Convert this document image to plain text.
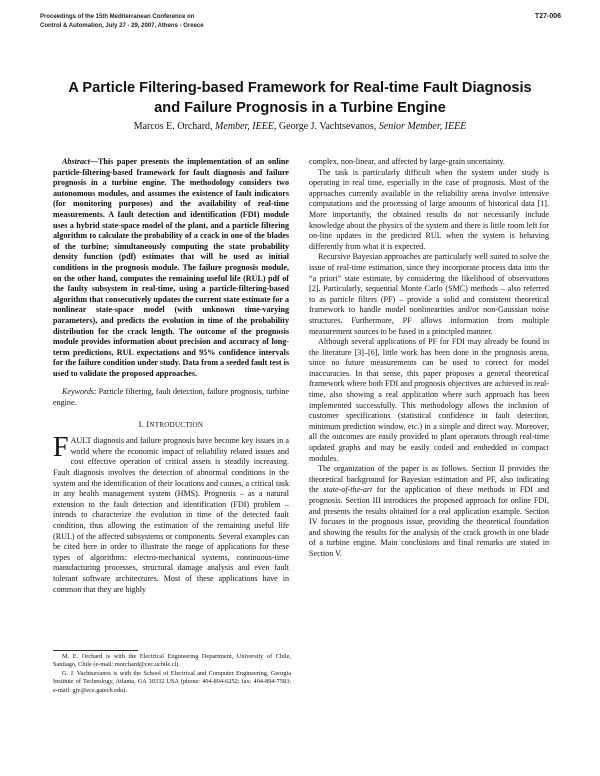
Proceedings of the 15th Mediterranean Conference on
Control & Automation, July 27 - 29, 2007, Athens - Greece
T27-006
A Particle Filtering-based Framework for Real-time Fault Diagnosis
and Failure Prognosis in a Turbine Engine
Marcos E. Orchard, Member, IEEE, George J. Vachtsevanos, Senior Member, IEEE

Abstract—This paper presents the implementation of an online particle-filtering-based framework for fault diagnosis and failure prognosis in a turbine engine. The methodology considers two autonomous modules, and assumes the existence of fault indicators (for monitoring purposes) and the availability of real-time measurements. A fault detection and identification (FDI) module uses a hybrid state-space model of the plant, and a particle filtering algorithm to calculate the probability of a crack in one of the blades of the turbine; simultaneously computing the state probability density function (pdf) estimates that will be used as initial conditions in the prognosis module. The failure prognosis module, on the other hand, computes the remaining useful life (RUL) pdf of the faulty subsystem in real-time, using a particle-filtering-based algorithm that consecutively updates the current state estimate for a nonlinear state-space model (with unknown time-varying parameters), and predicts the evolution in time of the probability distribution for the crack length. The outcome of the prognosis module provides information about precision and accuracy of long-term predictions, RUL expectations and 95% confidence intervals for the failure condition under study. Data from a seeded fault test is used to validate the proposed approaches.

Keywords: Particle filtering, fault detection, failure prognosis, turbine engine.

I. INTRODUCTION

FAULT diagnosis and failure prognosis have become key issues in a world where the economic impact of reliability related issues and cost effective operation of critical assets is steadily increasing. Fault diagnosis involves the detection of abnormal conditions in the system and the identification of their locations and causes, a critical task in any health management system (HMS). Prognosis – as a natural extension to the fault detection and identification (FDI) problem – intends to characterize the evolution in time of the detected fault condition, thus allowing the estimation of the remaining useful life (RUL) of the affected subsystems or components. Several examples can be cited here in order to illustrate the range of applications for these types of algorithms: electro-mechanical systems, continuous-time manufacturing processes, structural damage analysis and even fault tolerant software architectures. Most of these applications have in common that they are highly

complex, non-linear, and affected by large-grain uncertainty.

The task is particularly difficult when the system under study is operating in real time, especially in the case of prognosis. Most of the approaches currently available in the reliability arena involve intensive computations and the processing of large amounts of historical data [1]. More importantly, the obtained results do not necessarily include knowledge about the physics of the system and there is little room left for on-line updates in the predicted RUL when the system is behaving differently from what it is expected.

Recursive Bayesian approaches are particularly well suited to solve the issue of real-time estimation, since they incorporate process data into the “a priori” state estimate, by considering the likelihood of observations [2]. Particularly, sequential Monte Carlo (SMC) methods – also referred to as particle filters (PF) – provide a solid and consistent theoretical framework to handle model nonlinearities and/or non-Gaussian noise structures. Furthermore, PF allows information from multiple measurement sources to be fused in a principled manner.

Although several applications of PF for FDI may already be found in the literature [3]–[6], little work has been done in the prognosis arena, since no future measurements can be used to correct for model inaccuracies. In that sense, this paper proposes a general theoretical framework where both FDI and prognosis objectives are achieved in real-time, also showing a real application where such approach has been implemented successfully. This methodology allows the inclusion of customer specifications (statistical confidence in fault detection, minimum prediction window, etc.) in a simple and direct way. Moreover, all the outcomes are easily provided to plant operators through real-time updated graphs and may be easily coded and embedded in compact modules.

The organization of the paper is as follows. Section II provides the theoretical background for Bayesian estimation and PF, also indicating the state-of-the-art for the application of these methods in FDI and prognosis. Section III introduces the proposed approach for online FDI, and presents the results obtained for a real application example. Section IV focuses in the prognosis issue, providing the theoretical foundation and showing the results for the analysis of the crack growth in one blade of a turbine engine. Main conclusions and final remarks are stated in Section V.

M. E. Orchard is with the Electrical Engineering Department, University of Chile, Santiago, Chile (e-mail: morchard@cec.uchile.cl).

G. J. Vachtsevanos is with the School of Electrical and Computer Engineering, Georgia Institute of Technology, Atlanta, GA 30332 USA (phone: 404-894-6252; fax: 404-894-7583; e-mail: gjv@ece.gatech.edu).
